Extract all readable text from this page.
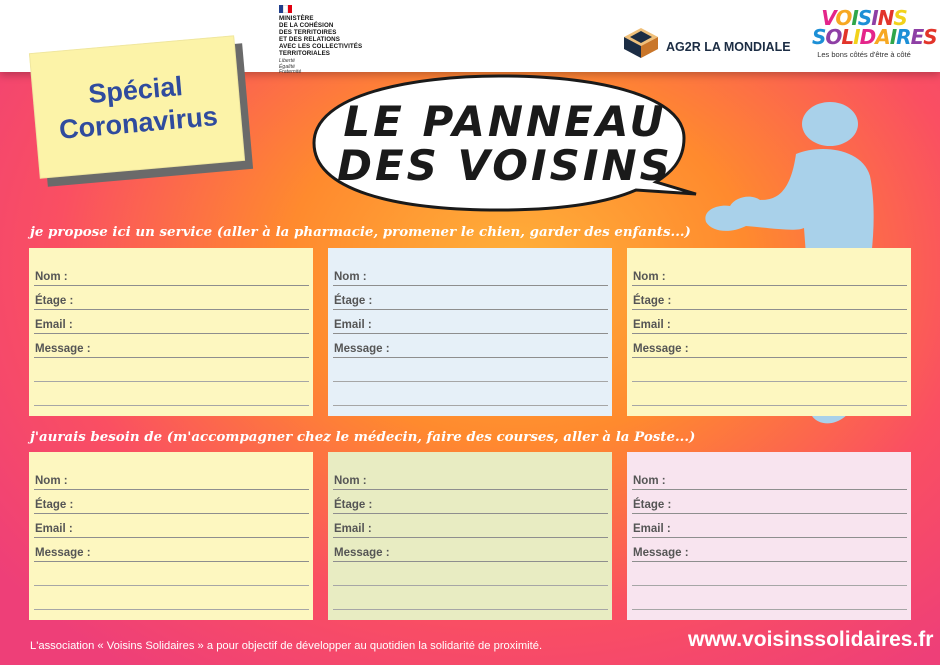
MINISTÈRE
DE LA COHÉSION
DES TERRITOIRES
ET DES RELATIONS
AVEC LES COLLECTIVITÉS
TERRITORIALES
Liberté
Égalité
Fraternité
AG2R LA MONDIALE
VOISINS
SOLIDAIRES
Les bons côtés d'être à côté
Spécial
Coronavirus	LE PANNEAU
DES VOISINS
je propose ici un service (aller à la pharmacie, promener le chien, garder des enfants...)
Nom :
Étage :
Email :
Message :
Nom :
Étage :
Email :
Message :
Nom :
Étage :
Email :
Message :
j'aurais besoin de (m'accompagner chez le médecin, faire des courses, aller à la Poste...)
Nom :
Étage :
Email :
Message :
Nom :
Étage :
Email :
Message :
Nom :
Étage :
Email :
Message :
L'association « Voisins Solidaires » a pour objectif de développer au quotidien la solidarité de proximité.	www.voisinssolidaires.fr
